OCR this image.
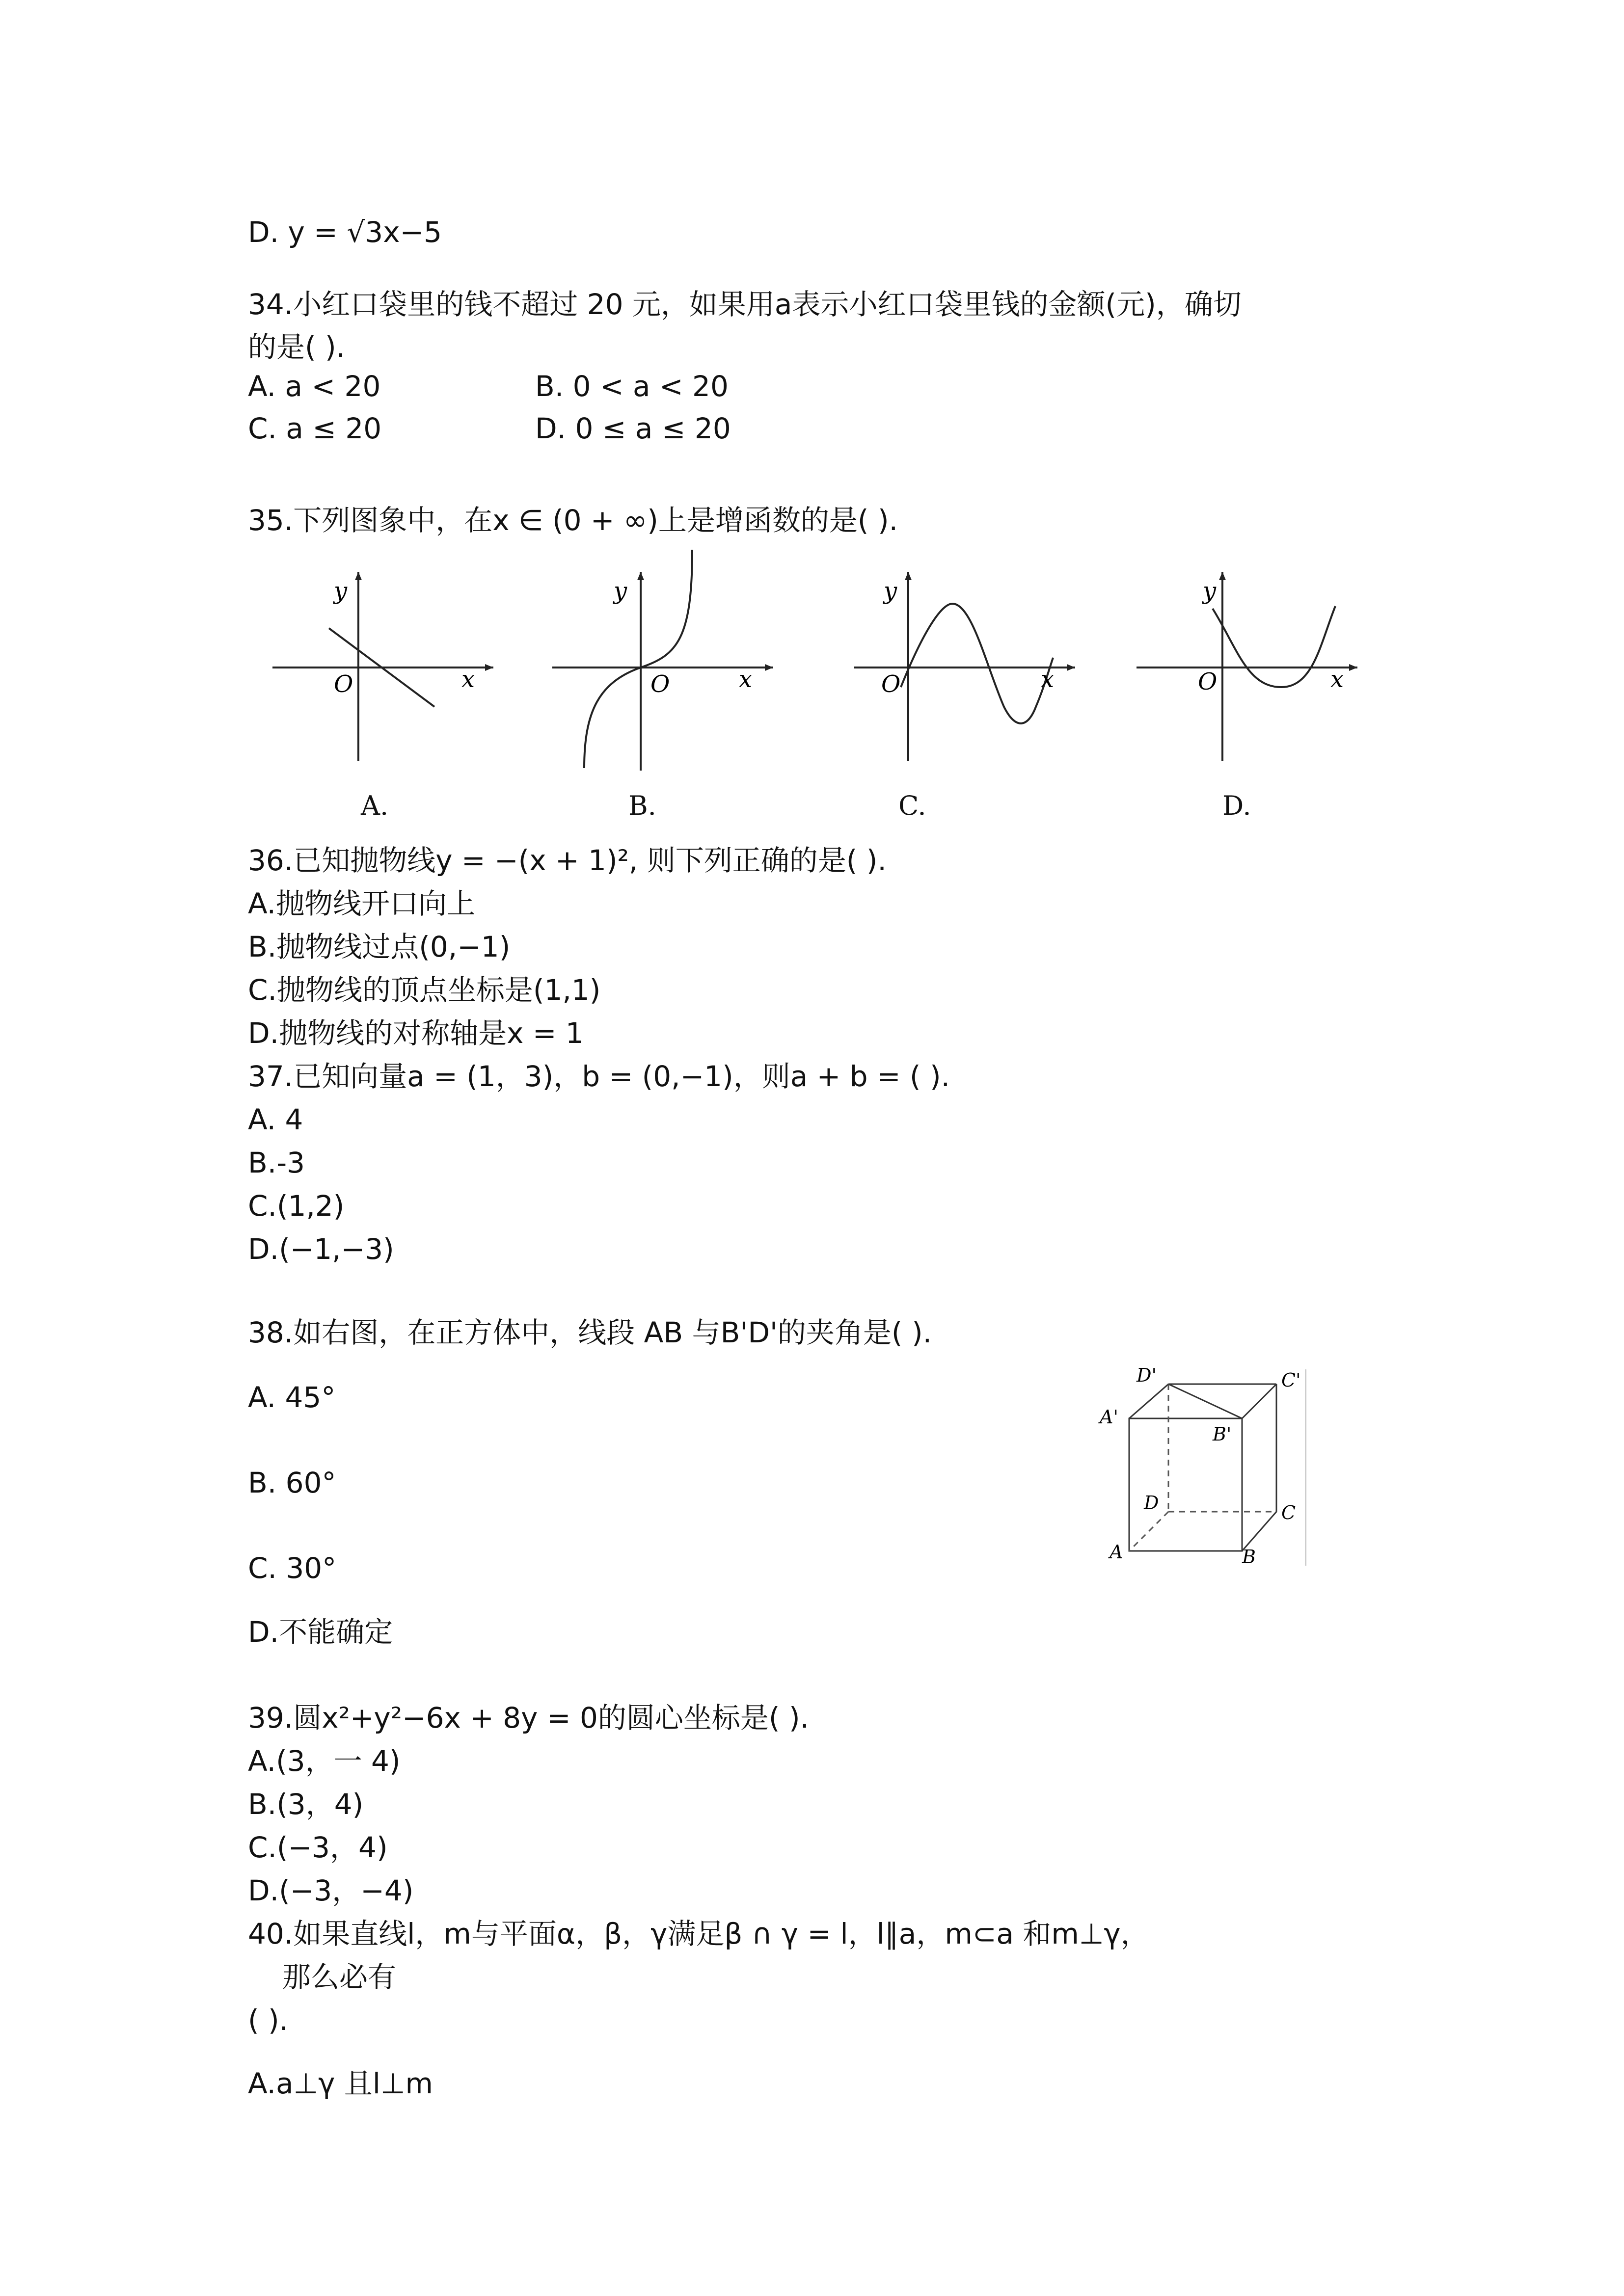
D. y = √3x−5
34.小红口袋里的钱不超过 20 元，如果用a表示小红口袋里钱的金额(元)，确切
的是( ).
A. a < 20	B. 0 < a < 20
C. a ≤ 20	D. 0 ≤ a ≤ 20
35.下列图象中，在x ∈ (0 + ∞)上是增函数的是( ).
y
O	x
A.
y
O	x
B.
y
O	x
C.
y
O	x
D.
36.已知抛物线y = −(x + 1)², 则下列正确的是( ).
A.抛物线开口向上
B.抛物线过点(0,−1)
C.抛物线的顶点坐标是(1,1)
D.抛物线的对称轴是x = 1
37.已知向量a = (1，3)，b = (0,−1)，则a + b = ( ).
A. 4
B.-3
C.(1,2)
D.(−1,−3)
38.如右图，在正方体中，线段 AB 与B'D'的夹角是( ).
A. 45°
B. 60°
C. 30°
D.不能确定
D'	C'
A'
B'
D	C
A	B
39.圆x²+y²−6x + 8y = 0的圆心坐标是( ).
A.(3，一 4)
B.(3，4)
C.(−3，4)
D.(−3，−4)
40.如果直线l，m与平面α，β，γ满足β ∩ γ = l，l∥a，m⊂a 和m⊥γ，
那么必有
( ).
A.a⊥γ 且l⊥m
